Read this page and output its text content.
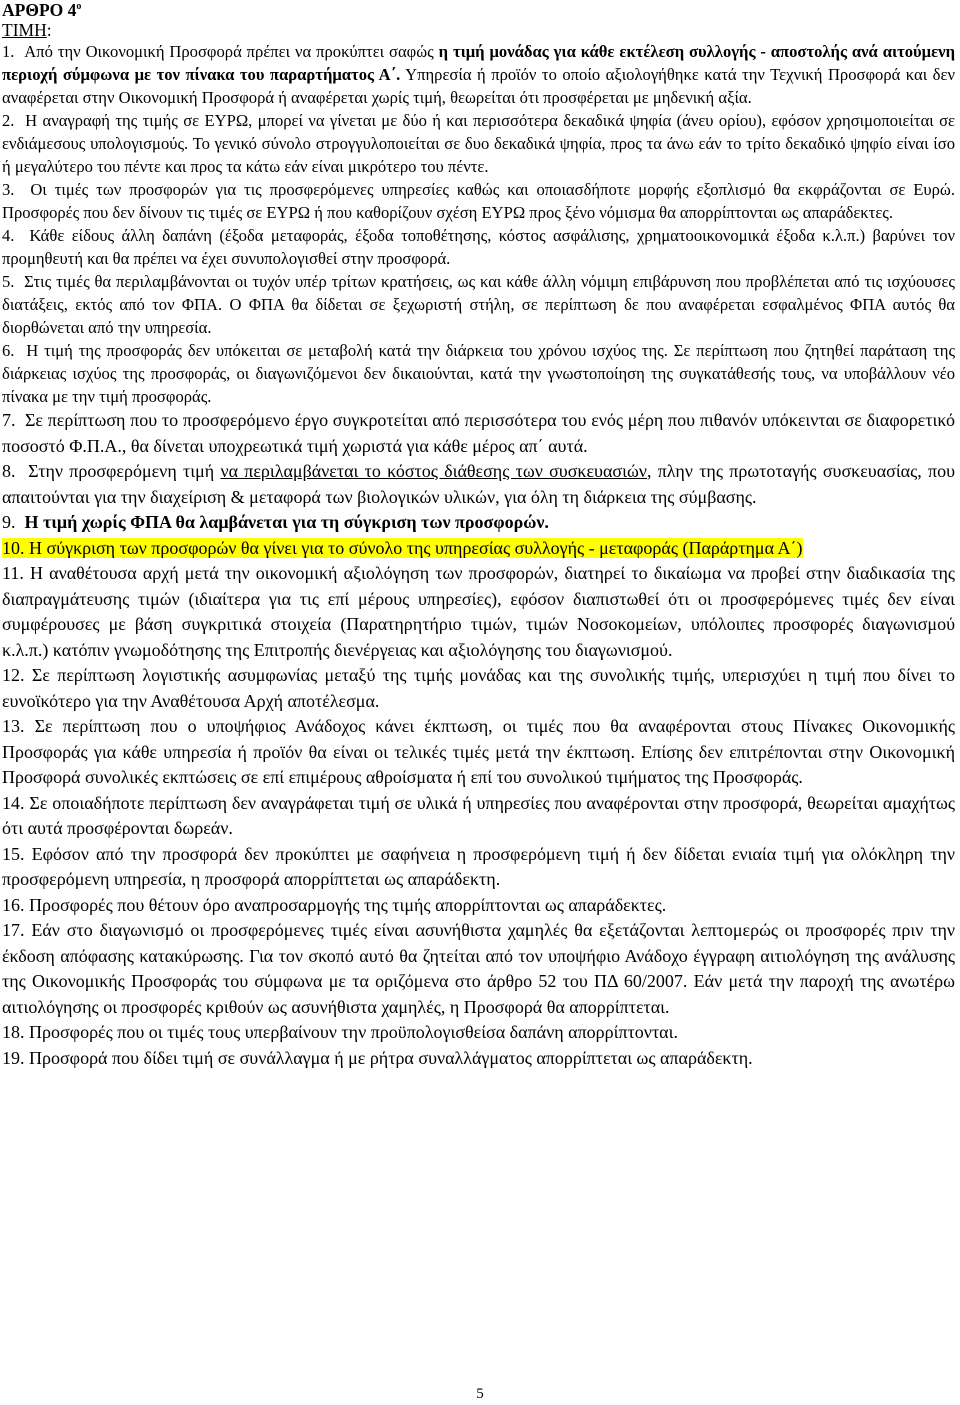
ΑΡΘΡΟ $4^o$
ΤΙΜΗ:

1. Από την Οικονομική Προσφορά πρέπει να προκύπτει σαφώς η τιμή μονάδας για κάθε εκτέλεση συλλογής - αποστολής ανά αιτούμενη περιοχή σύμφωνα με τον πίνακα του παραρτήματος Α΄. Υπηρεσία ή προϊόν το οποίο αξιολογήθηκε κατά την Τεχνική Προσφορά και δεν αναφέρεται στην Οικονομική Προσφορά ή αναφέρεται χωρίς τιμή, θεωρείται ότι προσφέρεται με μηδενική αξία.

2. Η αναγραφή της τιμής σε ΕΥΡΩ, μπορεί να γίνεται με δύο ή και περισσότερα δεκαδικά ψηφία (άνευ ορίου), εφόσον χρησιμοποιείται σε ενδιάμεσους υπολογισμούς. Το γενικό σύνολο στρογγυλοποιείται σε δυο δεκαδικά ψηφία, προς τα άνω εάν το τρίτο δεκαδικό ψηφίο είναι ίσο ή μεγαλύτερο του πέντε και προς τα κάτω εάν είναι μικρότερο του πέντε.

3. Οι τιμές των προσφορών για τις προσφερόμενες υπηρεσίες καθώς και οποιασδήποτε μορφής εξοπλισμό θα εκφράζονται σε Ευρώ. Προσφορές που δεν δίνουν τις τιμές σε ΕΥΡΩ ή που καθορίζουν σχέση ΕΥΡΩ προς ξένο νόμισμα θα απορρίπτονται ως απαράδεκτες.

4. Κάθε είδους άλλη δαπάνη (έξοδα μεταφοράς, έξοδα τοποθέτησης, κόστος ασφάλισης, χρηματοοικονομικά έξοδα κ.λ.π.) βαρύνει τον προμηθευτή και θα πρέπει να έχει συνυπολογισθεί στην προσφορά.

5. Στις τιμές θα περιλαμβάνονται οι τυχόν υπέρ τρίτων κρατήσεις, ως και κάθε άλλη νόμιμη επιβάρυνση που προβλέπεται από τις ισχύουσες διατάξεις, εκτός από τον ΦΠΑ. Ο ΦΠΑ θα δίδεται σε ξεχωριστή στήλη, σε περίπτωση δε που αναφέρεται εσφαλμένος ΦΠΑ αυτός θα διορθώνεται από την υπηρεσία.

6. Η τιμή της προσφοράς δεν υπόκειται σε μεταβολή κατά την διάρκεια του χρόνου ισχύος της. Σε περίπτωση που ζητηθεί παράταση της διάρκειας ισχύος της προσφοράς, οι διαγωνιζόμενοι δεν δικαιούνται, κατά την γνωστοποίηση της συγκατάθεσής τους, να υποβάλλουν νέο πίνακα με την τιμή προσφοράς.

7. Σε περίπτωση που το προσφερόμενο έργο συγκροτείται από περισσότερα του ενός μέρη που πιθανόν υπόκεινται σε διαφορετικό ποσοστό Φ.Π.Α., θα δίνεται υποχρεωτικά τιμή χωριστά για κάθε μέρος απ΄ αυτά.

8. Στην προσφερόμενη τιμή να περιλαμβάνεται το κόστος διάθεσης των συσκευασιών, πλην της πρωτοταγής συσκευασίας, που απαιτούνται για την διαχείριση & μεταφορά των βιολογικών υλικών, για όλη τη διάρκεια της σύμβασης.

9. Η τιμή χωρίς ΦΠΑ θα λαμβάνεται για τη σύγκριση των προσφορών.

10. Η σύγκριση των προσφορών θα γίνει για το σύνολο της υπηρεσίας συλλογής - μεταφοράς (Παράρτημα Α΄)

11. Η αναθέτουσα αρχή μετά την οικονομική αξιολόγηση των προσφορών, διατηρεί το δικαίωμα να προβεί στην διαδικασία της διαπραγμάτευσης τιμών (ιδιαίτερα για τις επί μέρους υπηρεσίες), εφόσον διαπιστωθεί ότι οι προσφερόμενες τιμές δεν είναι συμφέρουσες με βάση συγκριτικά στοιχεία (Παρατηρητήριο τιμών, τιμών Νοσοκομείων, υπόλοιπες προσφορές διαγωνισμού κ.λ.π.) κατόπιν γνωμοδότησης της Επιτροπής διενέργειας και αξιολόγησης του διαγωνισμού.

12. Σε περίπτωση λογιστικής ασυμφωνίας μεταξύ της τιμής μονάδας και της συνολικής τιμής, υπερισχύει η τιμή που δίνει το ευνοϊκότερο για την Αναθέτουσα Αρχή αποτέλεσμα.

13. Σε περίπτωση που ο υποψήφιος Ανάδοχος κάνει έκπτωση, οι τιμές που θα αναφέρονται στους Πίνακες Οικονομικής Προσφοράς για κάθε υπηρεσία ή προϊόν θα είναι οι τελικές τιμές μετά την έκπτωση. Επίσης δεν επιτρέπονται στην Οικονομική Προσφορά συνολικές εκπτώσεις σε επί επιμέρους αθροίσματα ή επί του συνολικού τιμήματος της Προσφοράς.

14. Σε οποιαδήποτε περίπτωση δεν αναγράφεται τιμή σε υλικά ή υπηρεσίες που αναφέρονται στην προσφορά, θεωρείται αμαχήτως ότι αυτά προσφέρονται δωρεάν.

15. Εφόσον από την προσφορά δεν προκύπτει με σαφήνεια η προσφερόμενη τιμή ή δεν δίδεται ενιαία τιμή για ολόκληρη την προσφερόμενη υπηρεσία, η προσφορά απορρίπτεται ως απαράδεκτη.

16. Προσφορές που θέτουν όρο αναπροσαρμογής της τιμής απορρίπτονται ως απαράδεκτες.

17. Εάν στο διαγωνισμό οι προσφερόμενες τιμές είναι ασυνήθιστα χαμηλές θα εξετάζονται λεπτομερώς οι προσφορές πριν την έκδοση απόφασης κατακύρωσης. Για τον σκοπό αυτό θα ζητείται από τον υποψήφιο Ανάδοχο έγγραφη αιτιολόγηση της ανάλυσης της Οικονομικής Προσφοράς του σύμφωνα με τα οριζόμενα στο άρθρο 52 του ΠΔ 60/2007. Εάν μετά την παροχή της ανωτέρω αιτιολόγησης οι προσφορές κριθούν ως ασυνήθιστα χαμηλές, η Προσφορά θα απορρίπτεται.

18. Προσφορές που οι τιμές τους υπερβαίνουν την προϋπολογισθείσα δαπάνη απορρίπτονται.

19. Προσφορά που δίδει τιμή σε συνάλλαγμα ή με ρήτρα συναλλάγματος απορρίπτεται ως απαράδεκτη.

5
